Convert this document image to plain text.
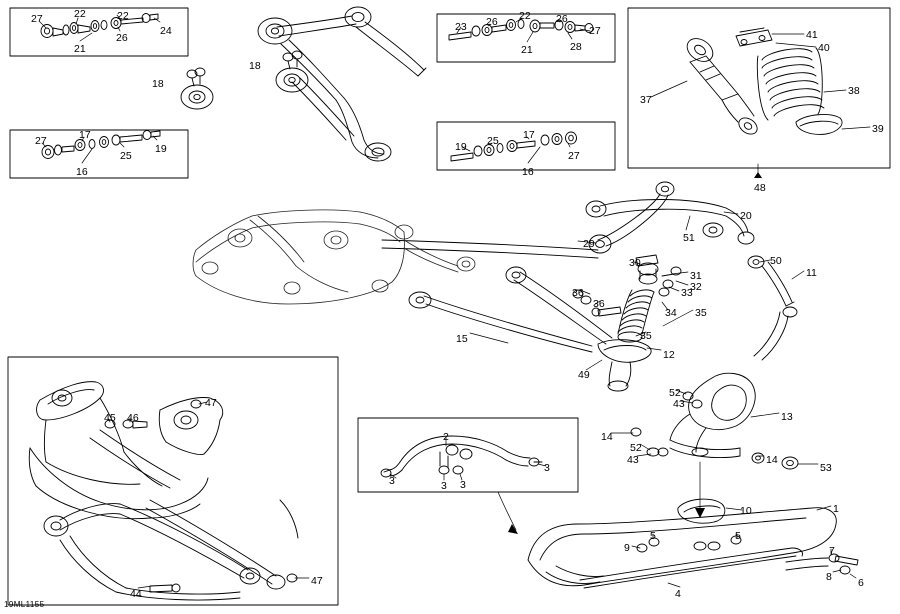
27	22	22
24
21
26
23 26 22 26
27
21	28
18
18
27	17
25
19
16
19 25 17
27
16
41
40
38
37
39
48
20
51
29
30
31
50
11
36	32
33
36
34 35
35
15
12
49
52
43
13
14
52
43	14
53
47
45 46
44
47
2
3	3 3
3
1
10
5	5
9	7
8 6
4
19ML1155
